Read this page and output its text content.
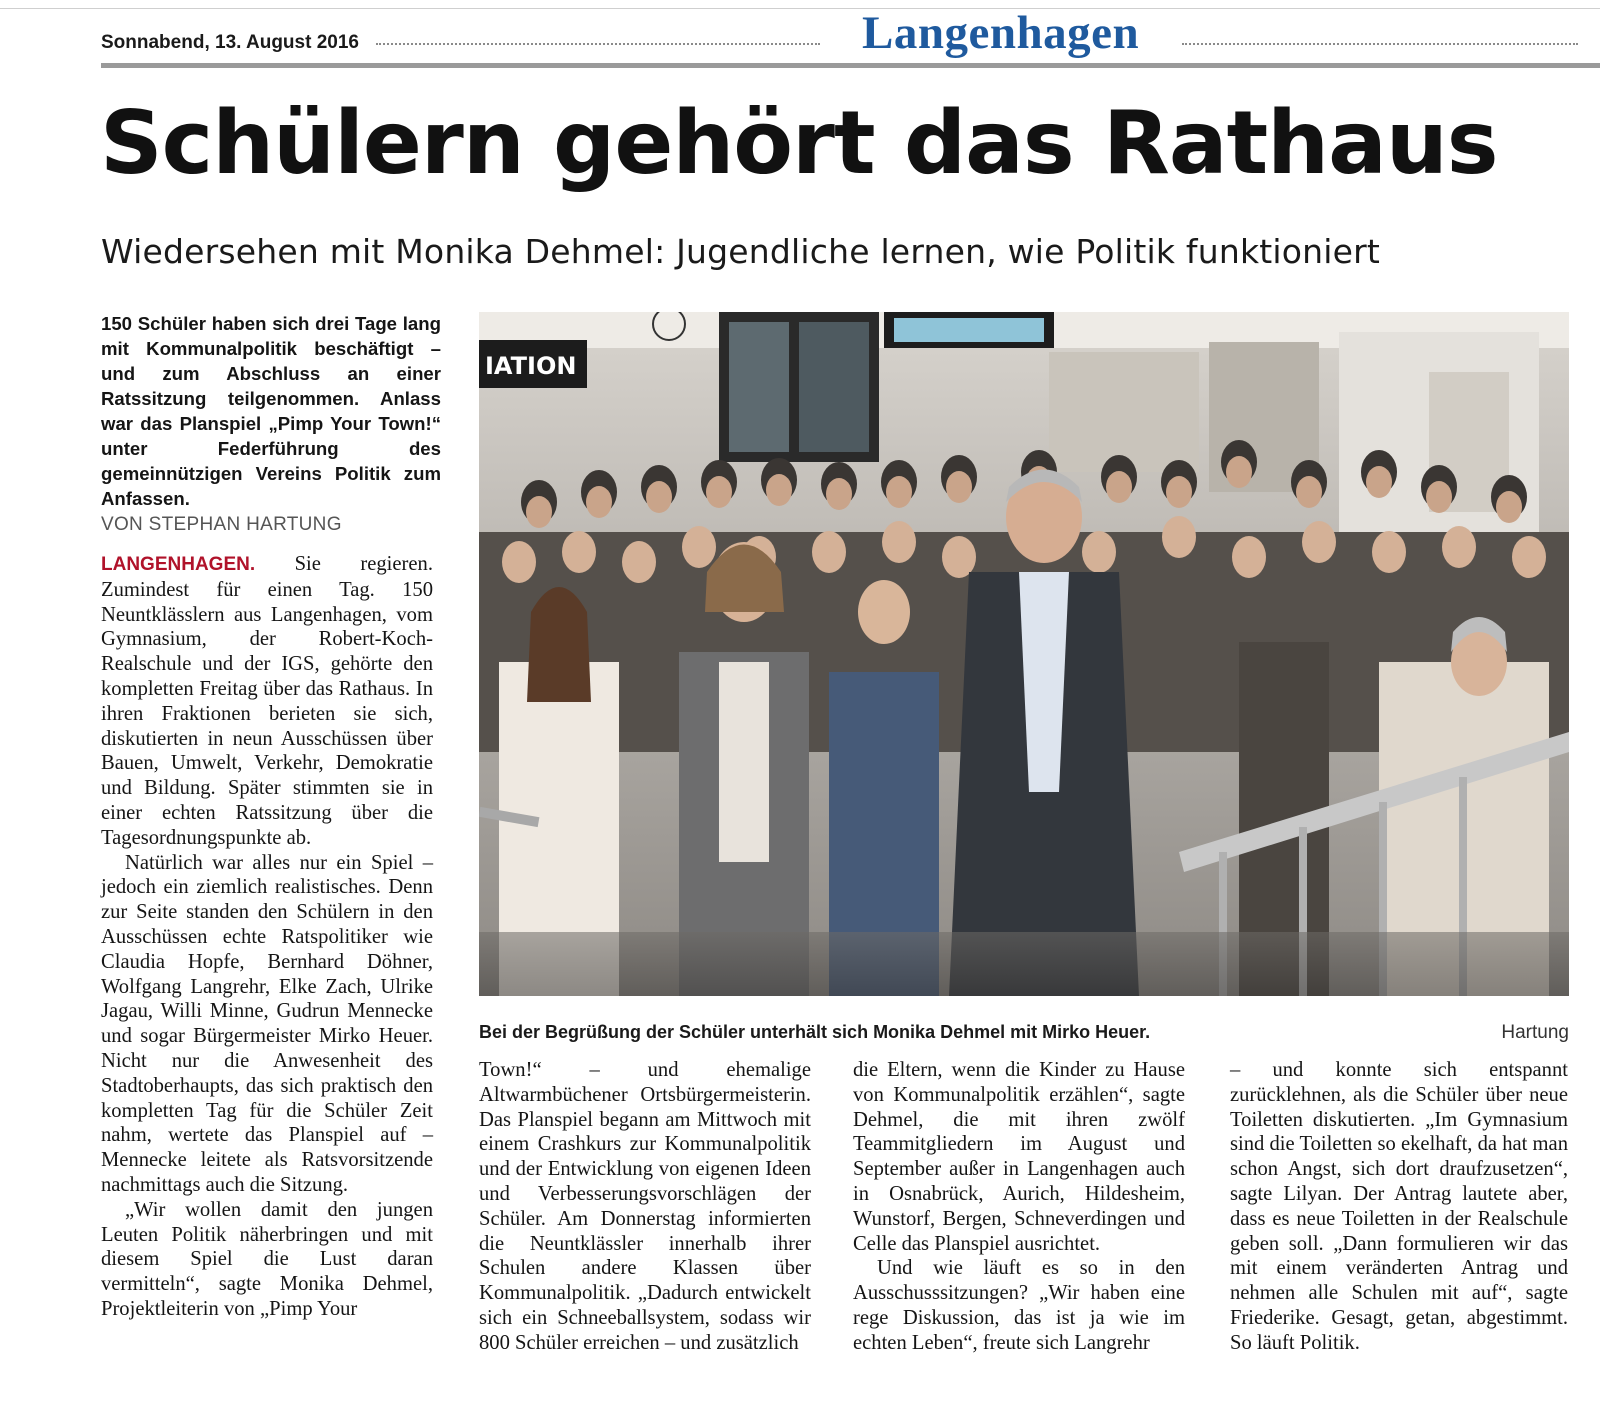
Sonnabend, 13. August 2016	Langenhagen
Schülern gehört das Rathaus
Wiedersehen mit Monika Dehmel: Jugendliche lernen, wie Politik funktioniert
150 Schüler haben sich drei Tage lang mit Kommunalpolitik beschäftigt – und zum Abschluss an einer Ratssitzung teilgenommen. Anlass war das Planspiel „Pimp Your Town!“ unter Federführung des gemeinnützigen Vereins Politik zum Anfassen.
VON STEPHAN HARTUNG

LANGENHAGEN. Sie regieren. Zumindest für einen Tag. 150 Neuntklässlern aus Langenhagen, vom Gymnasium, der Robert-Koch-Realschule und der IGS, gehörte den kompletten Freitag über das Rathaus. In ihren Fraktionen berieten sie sich, diskutierten in neun Ausschüssen über Bauen, Umwelt, Verkehr, Demokratie und Bildung. Später stimmten sie in einer echten Ratssitzung über die Tagesordnungspunkte ab.

Natürlich war alles nur ein Spiel – jedoch ein ziemlich realistisches. Denn zur Seite standen den Schülern in den Ausschüssen echte Ratspolitiker wie Claudia Hopfe, Bernhard Döhner, Wolfgang Langrehr, Elke Zach, Ulrike Jagau, Willi Minne, Gudrun Mennecke und sogar Bürgermeister Mirko Heuer. Nicht nur die Anwesenheit des Stadtoberhaupts, das sich praktisch den kompletten Tag für die Schüler Zeit nahm, wertete das Planspiel auf – Mennecke leitete als Ratsvorsitzende nachmittags auch die Sitzung.

„Wir wollen damit den jungen Leuten Politik näherbringen und mit diesem Spiel die Lust daran vermitteln“, sagte Monika Dehmel, Projektleiterin von „Pimp Your

Town!“ – und ehemalige Altwarmbüchener Ortsbürgermeisterin. Das Planspiel begann am Mittwoch mit einem Crashkurs zur Kommunalpolitik und der Entwicklung von eigenen Ideen und Verbesserungsvorschlägen der Schüler. Am Donnerstag informierten die Neuntklässler innerhalb ihrer Schulen andere Klassen über Kommunalpolitik. „Dadurch entwickelt sich ein Schneeballsystem, sodass wir 800 Schüler erreichen – und zusätzlich

die Eltern, wenn die Kinder zu Hause von Kommunalpolitik erzählen“, sagte Dehmel, die mit ihren zwölf Teammitgliedern im August und September außer in Langenhagen auch in Osnabrück, Aurich, Hildesheim, Wunstorf, Bergen, Schneverdingen und Celle das Planspiel ausrichtet.

Und wie läuft es so in den Ausschusssitzungen? „Wir haben eine rege Diskussion, das ist ja wie im echten Leben“, freute sich Langrehr

– und konnte sich entspannt zurücklehnen, als die Schüler über neue Toiletten diskutierten. „Im Gymnasium sind die Toiletten so ekelhaft, da hat man schon Angst, sich dort draufzusetzen“, sagte Lilyan. Der Antrag lautete aber, dass es neue Toiletten in der Realschule geben soll. „Dann formulieren wir das mit einem veränderten Antrag und nehmen alle Schulen mit auf“, sagte Friederike. Gesagt, getan, abgestimmt. So läuft Politik.

IATION
Bei der Begrüßung der Schüler unterhält sich Monika Dehmel mit Mirko Heuer.	Hartung
